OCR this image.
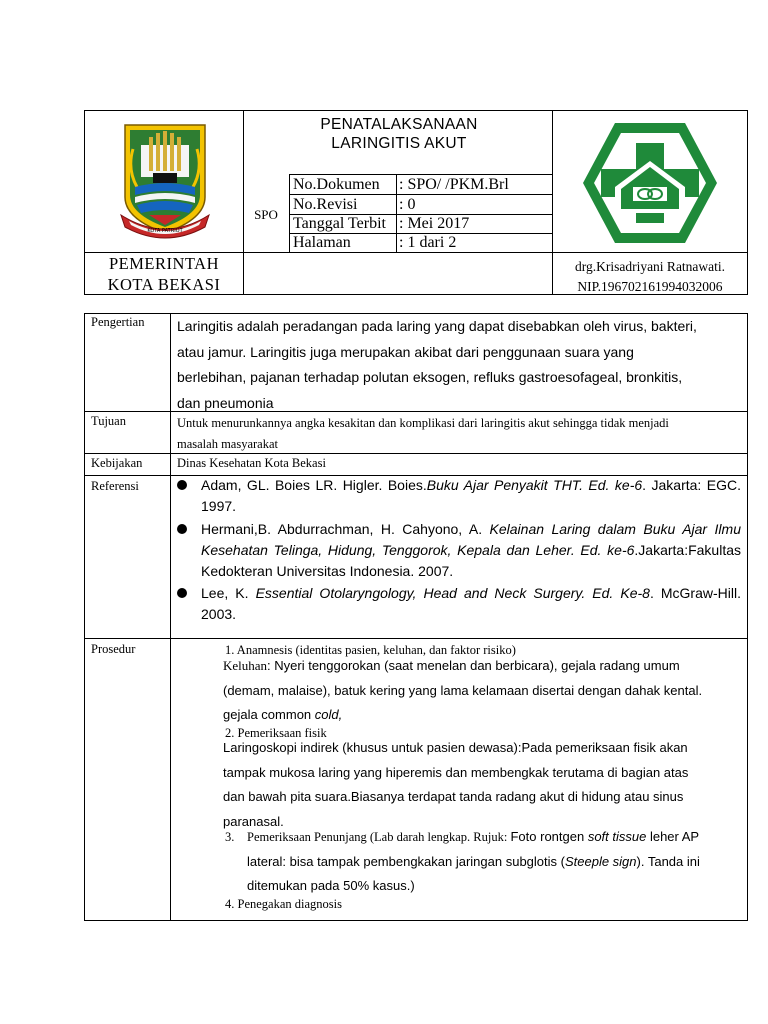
KOTA PATRIOT
PENATALAKSANAAN
LARINGITIS AKUT
SPO
No.Dokumen : SPO/ /PKM.Brl
No.Revisi	: 0
Tanggal Terbit : Mei 2017
Halaman	: 1 dari 2
PEMERINTAH
KOTA BEKASI
drg.Krisadriyani Ratnawati.
NIP.196702161994032006
Pengertian Laringitis adalah peradangan pada laring yang dapat disebabkan oleh virus, bakteri,
atau jamur. Laringitis juga merupakan akibat dari penggunaan suara yang
berlebihan, pajanan terhadap polutan eksogen, refluks gastroesofageal, bronkitis,
dan pneumonia
Tujuan	Untuk menurunkannya angka kesakitan dan komplikasi dari laringitis akut sehingga tidak menjadi
masalah masyarakat
Kebijakan	Dinas Kesehatan Kota Bekasi
Referensi	Adam, GL. Boies LR. Higler. Boies.Buku Ajar Penyakit THT. Ed. ke-6. Jakarta: EGC. 1997.
Hermani,B. Abdurrachman, H. Cahyono, A. Kelainan Laring dalam Buku Ajar Ilmu Kesehatan Telinga, Hidung, Tenggorok, Kepala dan Leher. Ed. ke-6.Jakarta:Fakultas Kedokteran Universitas Indonesia. 2007.
Lee, K. Essential Otolaryngology, Head and Neck Surgery. Ed. Ke-8. McGraw-Hill. 2003.
Prosedur	1. Anamnesis (identitas pasien, keluhan, dan faktor risiko)
Keluhan: Nyeri tenggorokan (saat menelan dan berbicara), gejala radang umum
(demam, malaise), batuk kering yang lama kelamaan disertai dengan dahak kental.
gejala common cold,
2. Pemeriksaan fisik
Laringoskopi indirek (khusus untuk pasien dewasa):Pada pemeriksaan fisik akan
tampak mukosa laring yang hiperemis dan membengkak terutama di bagian atas
dan bawah pita suara.Biasanya terdapat tanda radang akut di hidung atau sinus
paranasal.
3. Pemeriksaan Penunjang (Lab darah lengkap. Rujuk: Foto rontgen soft tissue leher AP
lateral: bisa tampak pembengkakan jaringan subglotis (Steeple sign). Tanda ini
ditemukan pada 50% kasus.)
4. Penegakan diagnosis
